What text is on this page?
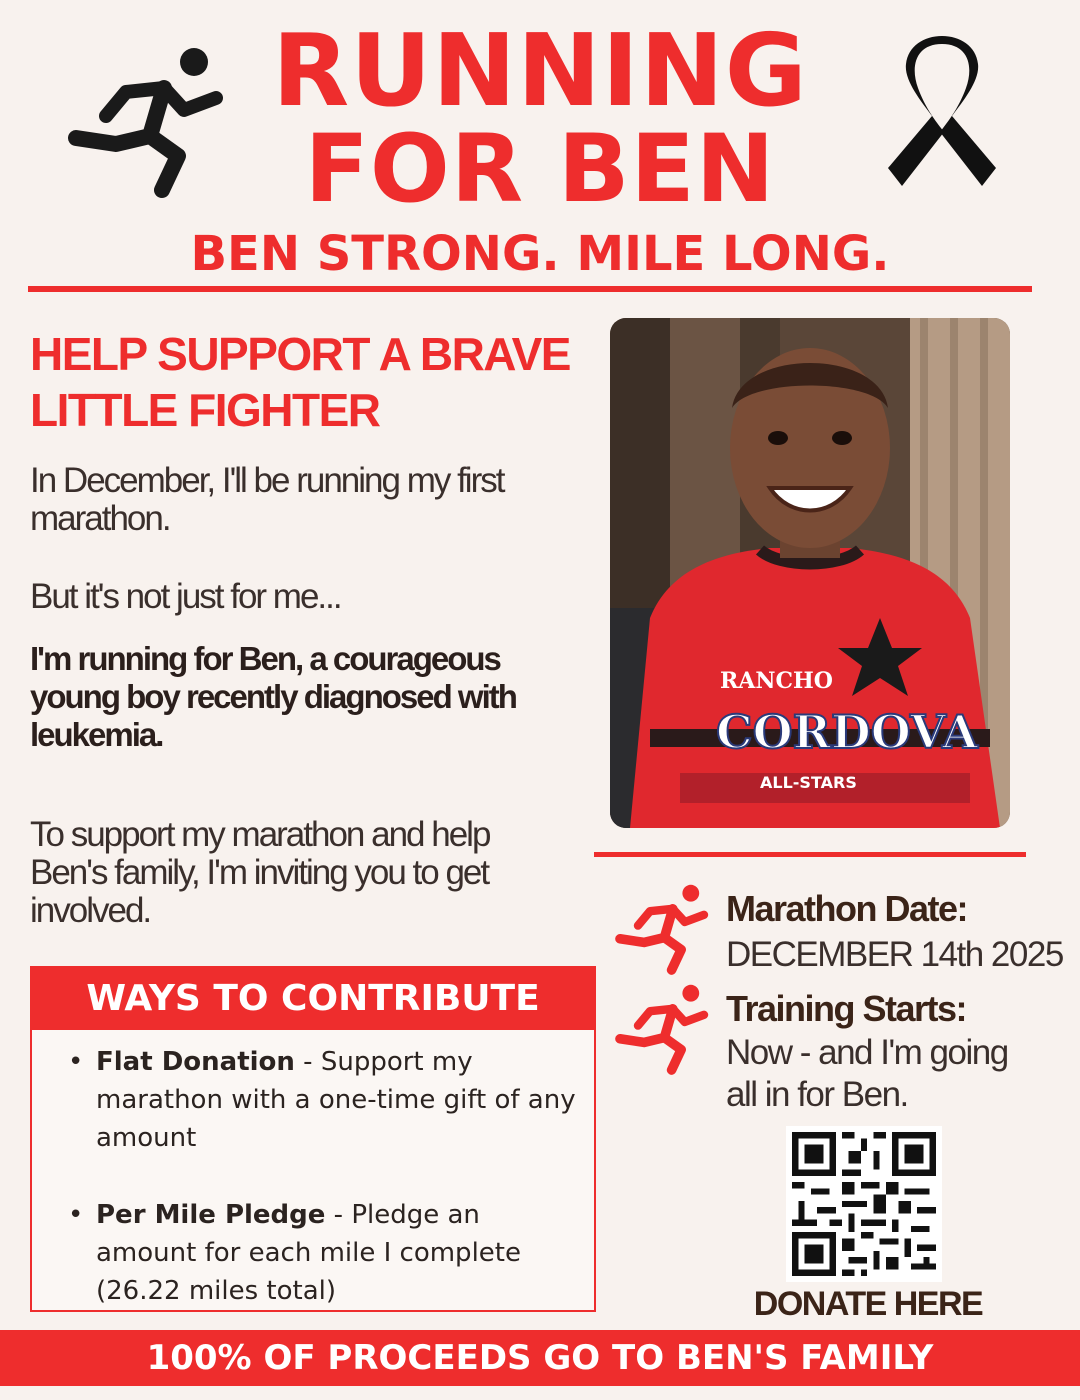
RUNNING
FOR BEN
BEN STRONG. MILE LONG.
HELP SUPPORT A BRAVE LITTLE FIGHTER
In December, I'll be running my first marathon.
But it's not just for me...
I'm running for Ben, a courageous young boy recently diagnosed with leukemia.
To support my marathon and help Ben's family, I'm inviting you to get involved.
WAYS TO CONTRIBUTE
• Flat Donation - Support my marathon with a one-time gift of any amount
• Per Mile Pledge - Pledge an amount for each mile I complete (26.22 miles total)
RANCHO
CORDOVA
ALL-STARS
Marathon Date:
DECEMBER 14th 2025
Training Starts:
Now - and I'm going all in for Ben.
DONATE HERE
100% OF PROCEEDS GO TO BEN'S FAMILY
